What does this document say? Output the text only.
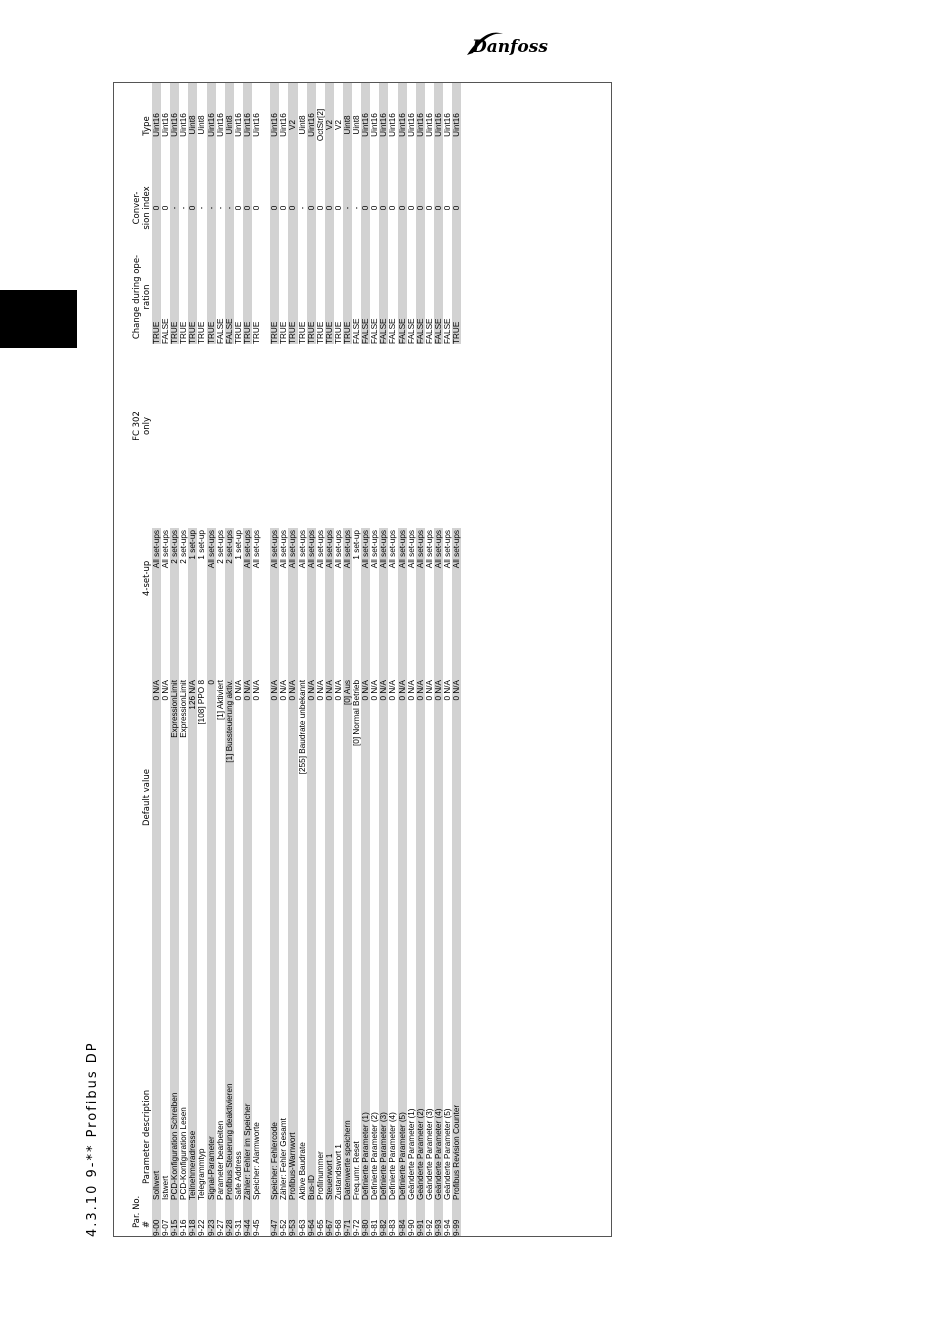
Danfoss
4.3.10 9-** Profibus DP	Par. No. #
Parameter description
Default value
4-set-up
FC 302
only
Change during ope-
ration
Conver-
sion index
Type
9-00
Sollwert
0 N/A
All set-ups
TRUE
0
Uint16
9-07
Istwert
0 N/A
All set-ups
FALSE
0
Uint16
9-15
PCD-Konfiguration Schreiben
ExpressionLimit
2 set-ups
TRUE
-
Uint16
9-16
PCD-Konfiguration Lesen
ExpressionLimit
2 set-ups
TRUE
-
Uint16
9-18
Teilnehmeradresse
126 N/A
1 set-up
TRUE
0
Uint8
9-22
Telegrammtyp
[108] PPO 8
1 set-up
TRUE
-
Uint8
9-23
Signal-Parameter
0
All set-ups
TRUE
-
Uint16
9-27
Parameter bearbeiten
[1] Aktiviert
2 set-ups
FALSE
-
Uint16
9-28
Profibus Steuerung deaktivieren
[1] Bussteuerung aktiv.
2 set-ups
FALSE
-
Uint8
9-31
Safe Address
0 N/A
1 set-up
TRUE
0
Uint16
9-44
Zähler: Fehler im Speicher
0 N/A
All set-ups
TRUE
0
Uint16
9-45
Speicher: Alarmworte
0 N/A
All set-ups
TRUE
0
Uint16
9-47
Speicher: Fehlercode
0 N/A
All set-ups
TRUE
0
Uint16
9-52
Zähler: Fehler Gesamt
0 N/A
All set-ups
TRUE
0
Uint16
9-53
Profibus-Warnwort
0 N/A
All set-ups
TRUE
0
V2
9-63
Aktive Baudrate
[255] Baudrate unbekannt
All set-ups
TRUE
-
Uint8
9-64
Bus-ID
0 N/A
All set-ups
TRUE
0
Uint16
9-65
Profilnummer
0 N/A
All set-ups
TRUE
0
OctStr[2]
9-67
Steuerwort 1
0 N/A
All set-ups
TRUE
0
V2
9-68
Zustandswort 1
0 N/A
All set-ups
TRUE
0
V2
9-71
Datenwerte speichern
[0] Aus
All set-ups
TRUE
-
Uint8
9-72
Freq.umr. Reset
[0] Normal Betrieb
1 set-up
FALSE
-
Uint8
9-80
Definierte Parameter (1)
0 N/A
All set-ups
FALSE
0
Uint16
9-81
Definierte Parameter (2)
0 N/A
All set-ups
FALSE
0
Uint16
9-82
Definierte Parameter (3)
0 N/A
All set-ups
FALSE
0
Uint16
9-83
Definierte Parameter (4)
0 N/A
All set-ups
FALSE
0
Uint16
9-84
Definierte Parameter (5)
0 N/A
All set-ups
FALSE
0
Uint16
9-90
Geänderte Parameter (1)
0 N/A
All set-ups
FALSE
0
Uint16
9-91
Geänderte Parameter (2)
0 N/A
All set-ups
FALSE
0
Uint16
9-92
Geänderte Parameter (3)
0 N/A
All set-ups
FALSE
0
Uint16
9-93
Geänderte Parameter (4)
0 N/A
All set-ups
FALSE
0
Uint16
9-94
Geänderte Parameter (5)
0 N/A
All set-ups
FALSE
0
Uint16
9-99
Profibus Revision Counter
0 N/A
All set-ups
TRUE
0
Uint16
